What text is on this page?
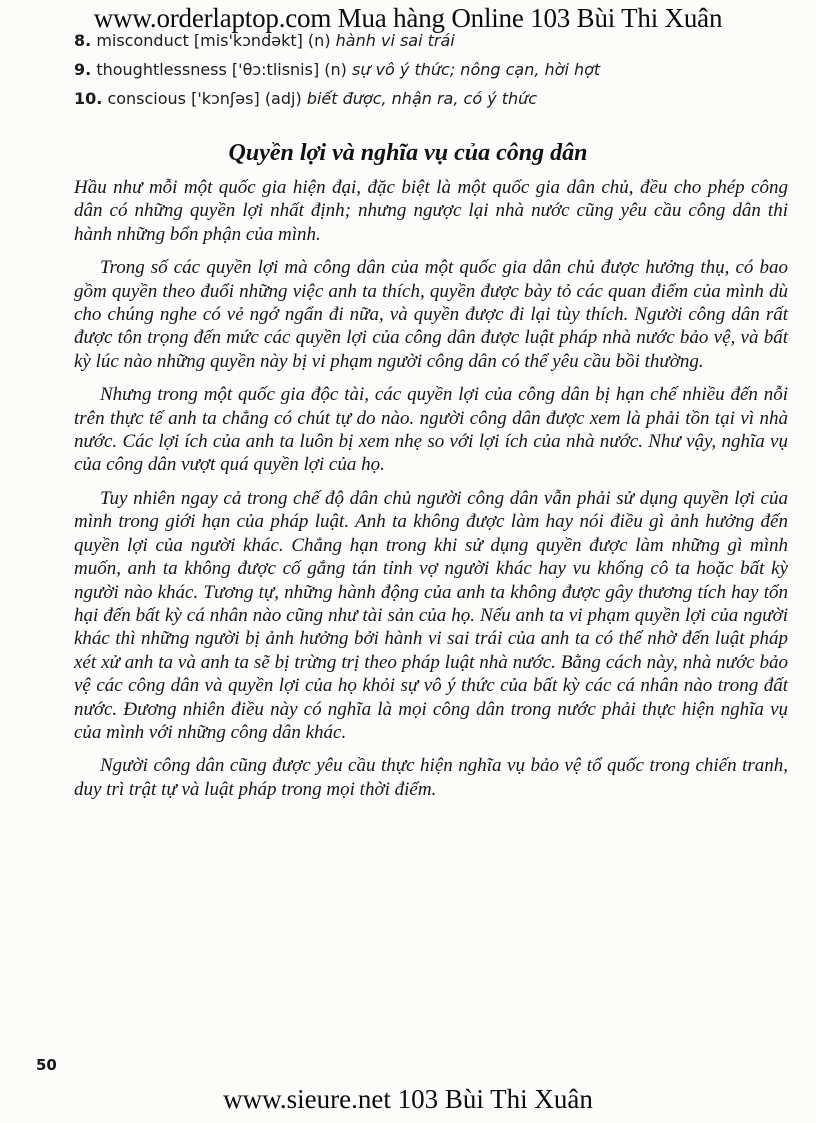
www.orderlaptop.com Mua hàng Online 103 Bùi Thi Xuân
8. misconduct [mis'kɔndəkt] (n) hành vi sai trái
9. thoughtlessness ['θɔ:tlisnis] (n) sự vô ý thức; nông cạn, hời hợt
10. conscious ['kɔnʃəs] (adj) biết được, nhận ra, có ý thức
Quyền lợi và nghĩa vụ của công dân

Hầu như mỗi một quốc gia hiện đại, đặc biệt là một quốc gia dân chủ, đều cho phép công dân có những quyền lợi nhất định; nhưng ngược lại nhà nước cũng yêu cầu công dân thi hành những bổn phận của mình.

Trong số các quyền lợi mà công dân của một quốc gia dân chủ được hưởng thụ, có bao gồm quyền theo đuổi những việc anh ta thích, quyền được bày tỏ các quan điểm của mình dù cho chúng nghe có vẻ ngớ ngẩn đi nữa, và quyền được đi lại tùy thích. Người công dân rất được tôn trọng đến mức các quyền lợi của công dân được luật pháp nhà nước bảo vệ, và bất kỳ lúc nào những quyền này bị vi phạm người công dân có thể yêu cầu bồi thường.

Nhưng trong một quốc gia độc tài, các quyền lợi của công dân bị hạn chế nhiều đến nỗi trên thực tế anh ta chẳng có chút tự do nào. người công dân được xem là phải tồn tại vì nhà nước. Các lợi ích của anh ta luôn bị xem nhẹ so với lợi ích của nhà nước. Như vậy, nghĩa vụ của công dân vượt quá quyền lợi của họ.

Tuy nhiên ngay cả trong chế độ dân chủ người công dân vẫn phải sử dụng quyền lợi của mình trong giới hạn của pháp luật. Anh ta không được làm hay nói điều gì ảnh hưởng đến quyền lợi của người khác. Chẳng hạn trong khi sử dụng quyền được làm những gì mình muốn, anh ta không được cố gắng tán tỉnh vợ người khác hay vu khống cô ta hoặc bất kỳ người nào khác. Tương tự, những hành động của anh ta không được gây thương tích hay tổn hại đến bất kỳ cá nhân nào cũng như tài sản của họ. Nếu anh ta vi phạm quyền lợi của người khác thì những người bị ảnh hưởng bởi hành vi sai trái của anh ta có thể nhờ đến luật pháp xét xử anh ta và anh ta sẽ bị trừng trị theo pháp luật nhà nước. Bằng cách này, nhà nước bảo vệ các công dân và quyền lợi của họ khỏi sự vô ý thức của bất kỳ các cá nhân nào trong đất nước. Đương nhiên điều này có nghĩa là mọi công dân trong nước phải thực hiện nghĩa vụ của mình với những công dân khác.

Người công dân cũng được yêu cầu thực hiện nghĩa vụ bảo vệ tổ quốc trong chiến tranh, duy trì trật tự và luật pháp trong mọi thời điểm.

50
www.sieure.net 103 Bùi Thi Xuân
